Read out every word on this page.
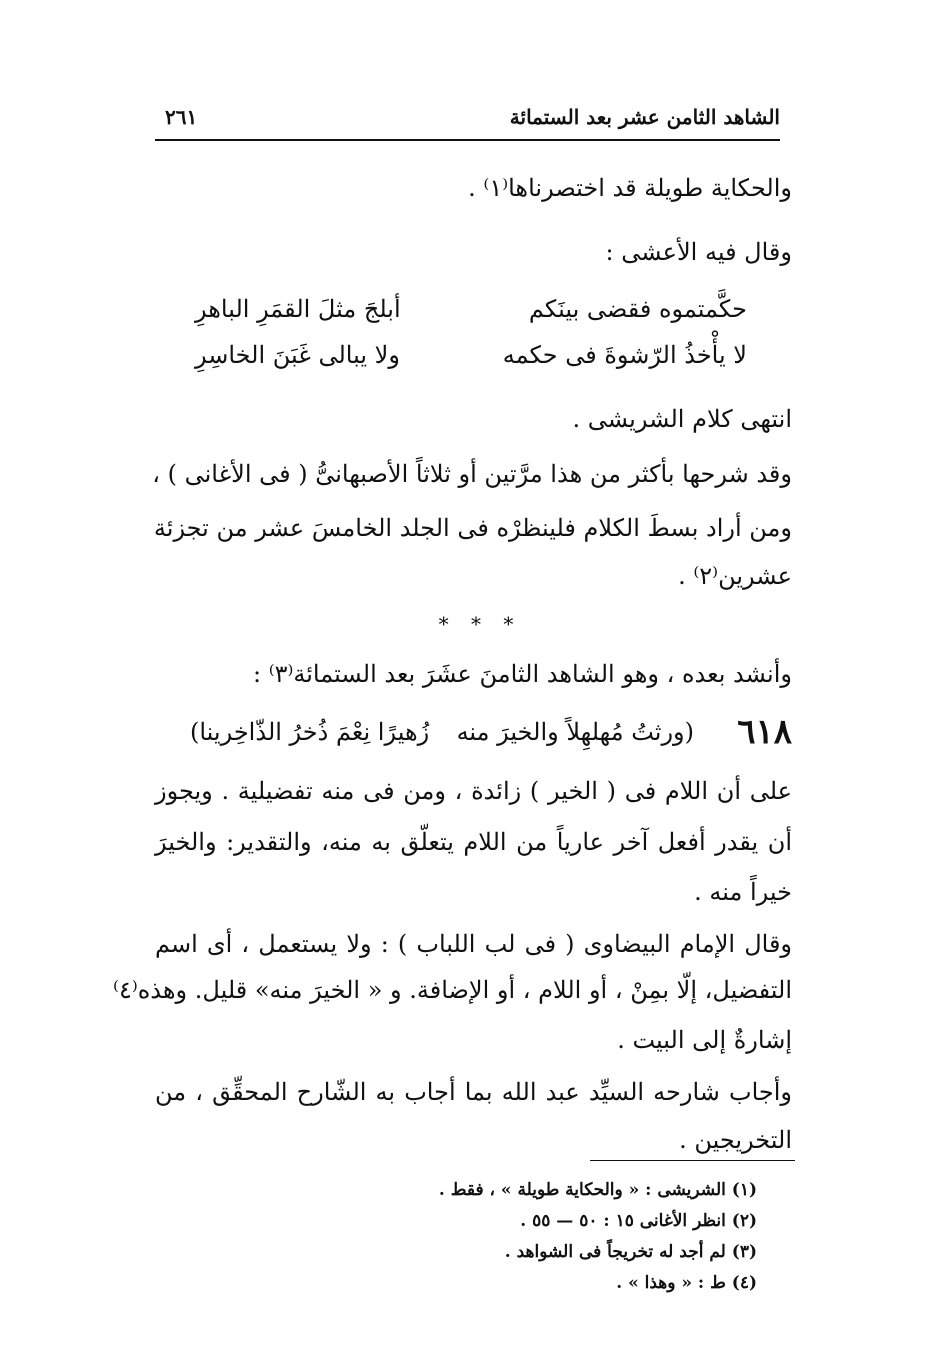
الشاهد الثامن عشر بعد الستمائة
٢٦١
والحكاية طويلة قد اختصرناها⁽١⁾ .
وقال فيه الأعشى :
حكَّمتموه فقضى بينَكم
أبلجَ مثلَ القمَرِ الباهرِ
لا يأْخذُ الرّشوةَ فى حكمه
ولا يبالى غَبَنَ الخاسِرِ
انتهى كلام الشريشى .
وقد شرحها بأكثر من هذا مرَّتين أو ثلاثاً الأصبهانىُّ ( فى الأغانى ) ،
ومن أراد بسطَ الكلام فلينظرْه فى الجلد الخامسَ عشر من تجزئة
عشرين⁽٢⁾ .
* * *
وأنشد بعده ، وهو الشاهد الثامنَ عشَرَ بعد الستمائة⁽٣⁾ :
٦١٨
(ورثتُ مُهلهِلاً والخيرَ منه
زُهيرًا نِعْمَ ذُخرُ الذّاخِرينا)
على أن اللام فى ( الخير ) زائدة ، ومن فى منه تفضيلية . ويجوز
أن يقدر أفعل آخر عارياً من اللام يتعلّق به منه، والتقدير: والخيرَ
خيراً منه .
وقال الإمام البيضاوى ( فى لب اللباب ) : ولا يستعمل ، أى اسم
التفضيل، إلّا بمِنْ ، أو اللام ، أو الإضافة. و « الخيرَ منه» قليل. وهذه⁽٤⁾
إشارةٌ إلى البيت .
وأجاب شارحه السيِّد عبد الله بما أجاب به الشّارح المحقِّق ، من
التخريجين .
(١) الشريشى : « والحكاية طويلة » ، فقط .
(٢) انظر الأغانى ١٥ : ٥٠ — ٥٥ .
(٣) لم أجد له تخريجاً فى الشواهد .
(٤) ط : « وهذا » .
